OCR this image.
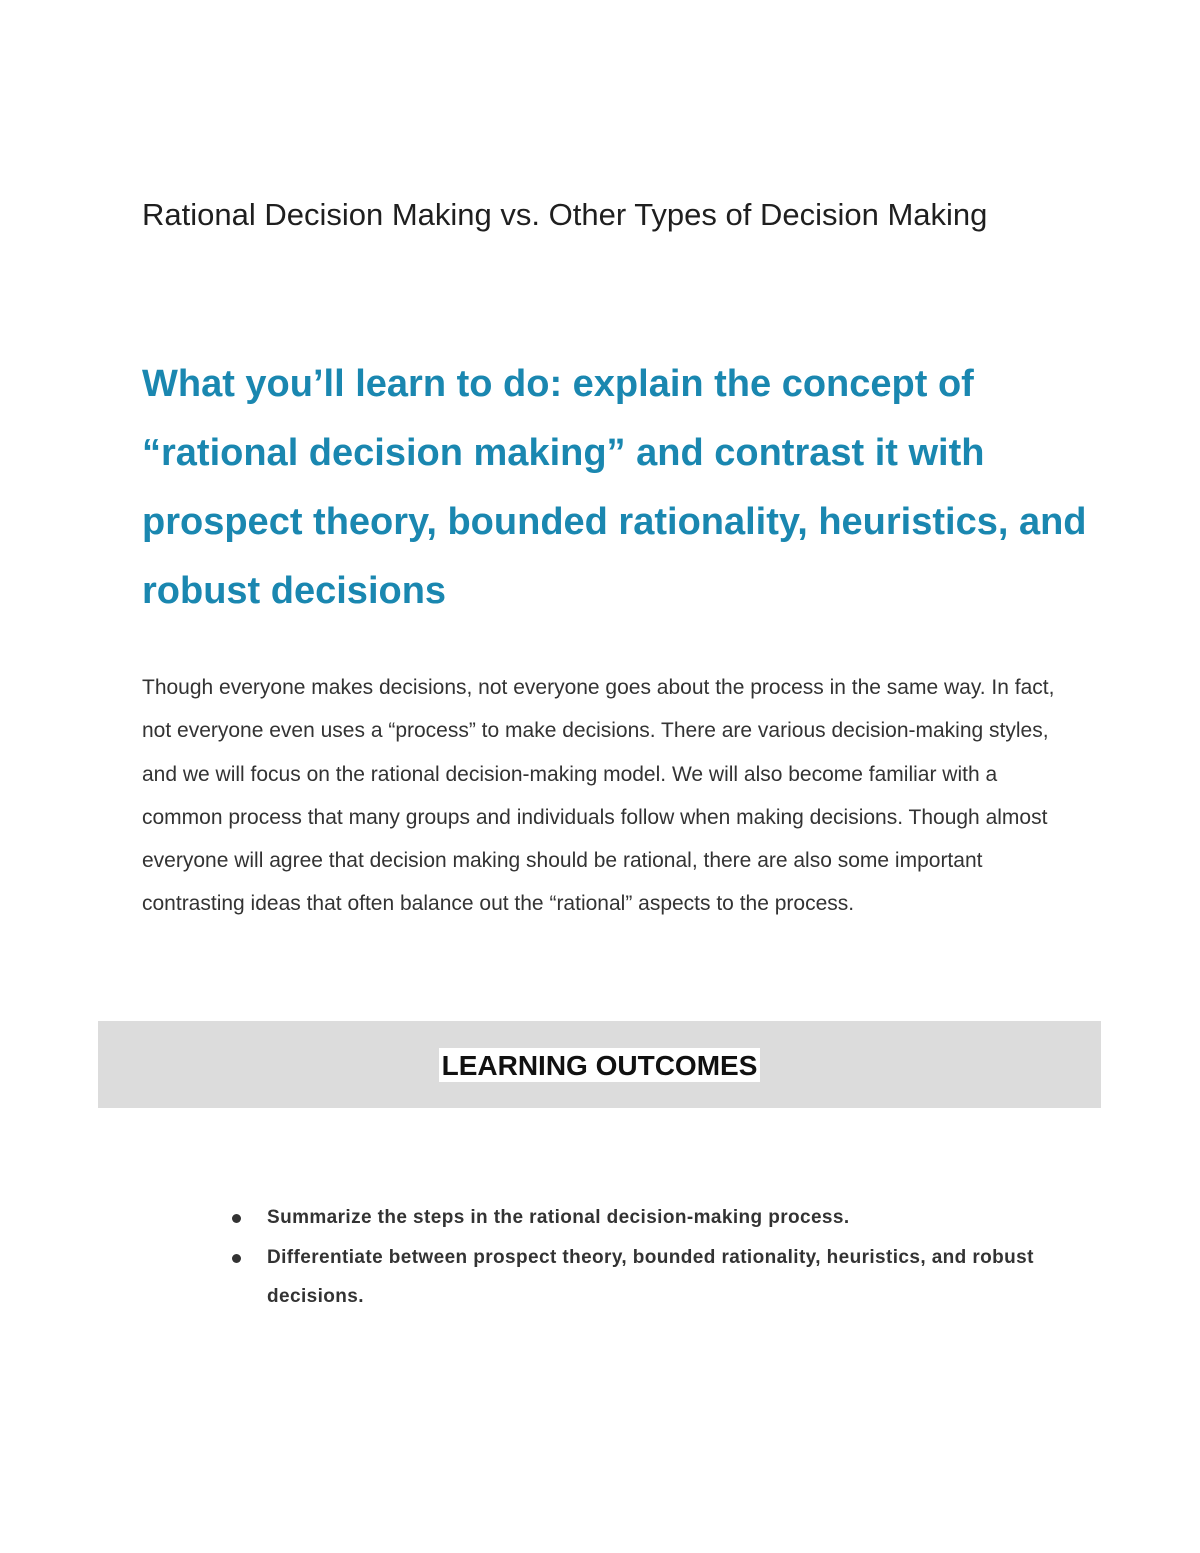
Rational Decision Making vs. Other Types of Decision Making
What you’ll learn to do: explain the concept of “rational decision making” and contrast it with prospect theory, bounded rationality, heuristics, and robust decisions

Though everyone makes decisions, not everyone goes about the process in the same way. In fact, not everyone even uses a “process” to make decisions. There are various decision-making styles, and we will focus on the rational decision-making model. We will also become familiar with a common process that many groups and individuals follow when making decisions. Though almost everyone will agree that decision making should be rational, there are also some important contrasting ideas that often balance out the “rational” aspects to the process.

LEARNING OUTCOMES
Summarize the steps in the rational decision-making process.
Differentiate between prospect theory, bounded rationality, heuristics, and robust decisions.
